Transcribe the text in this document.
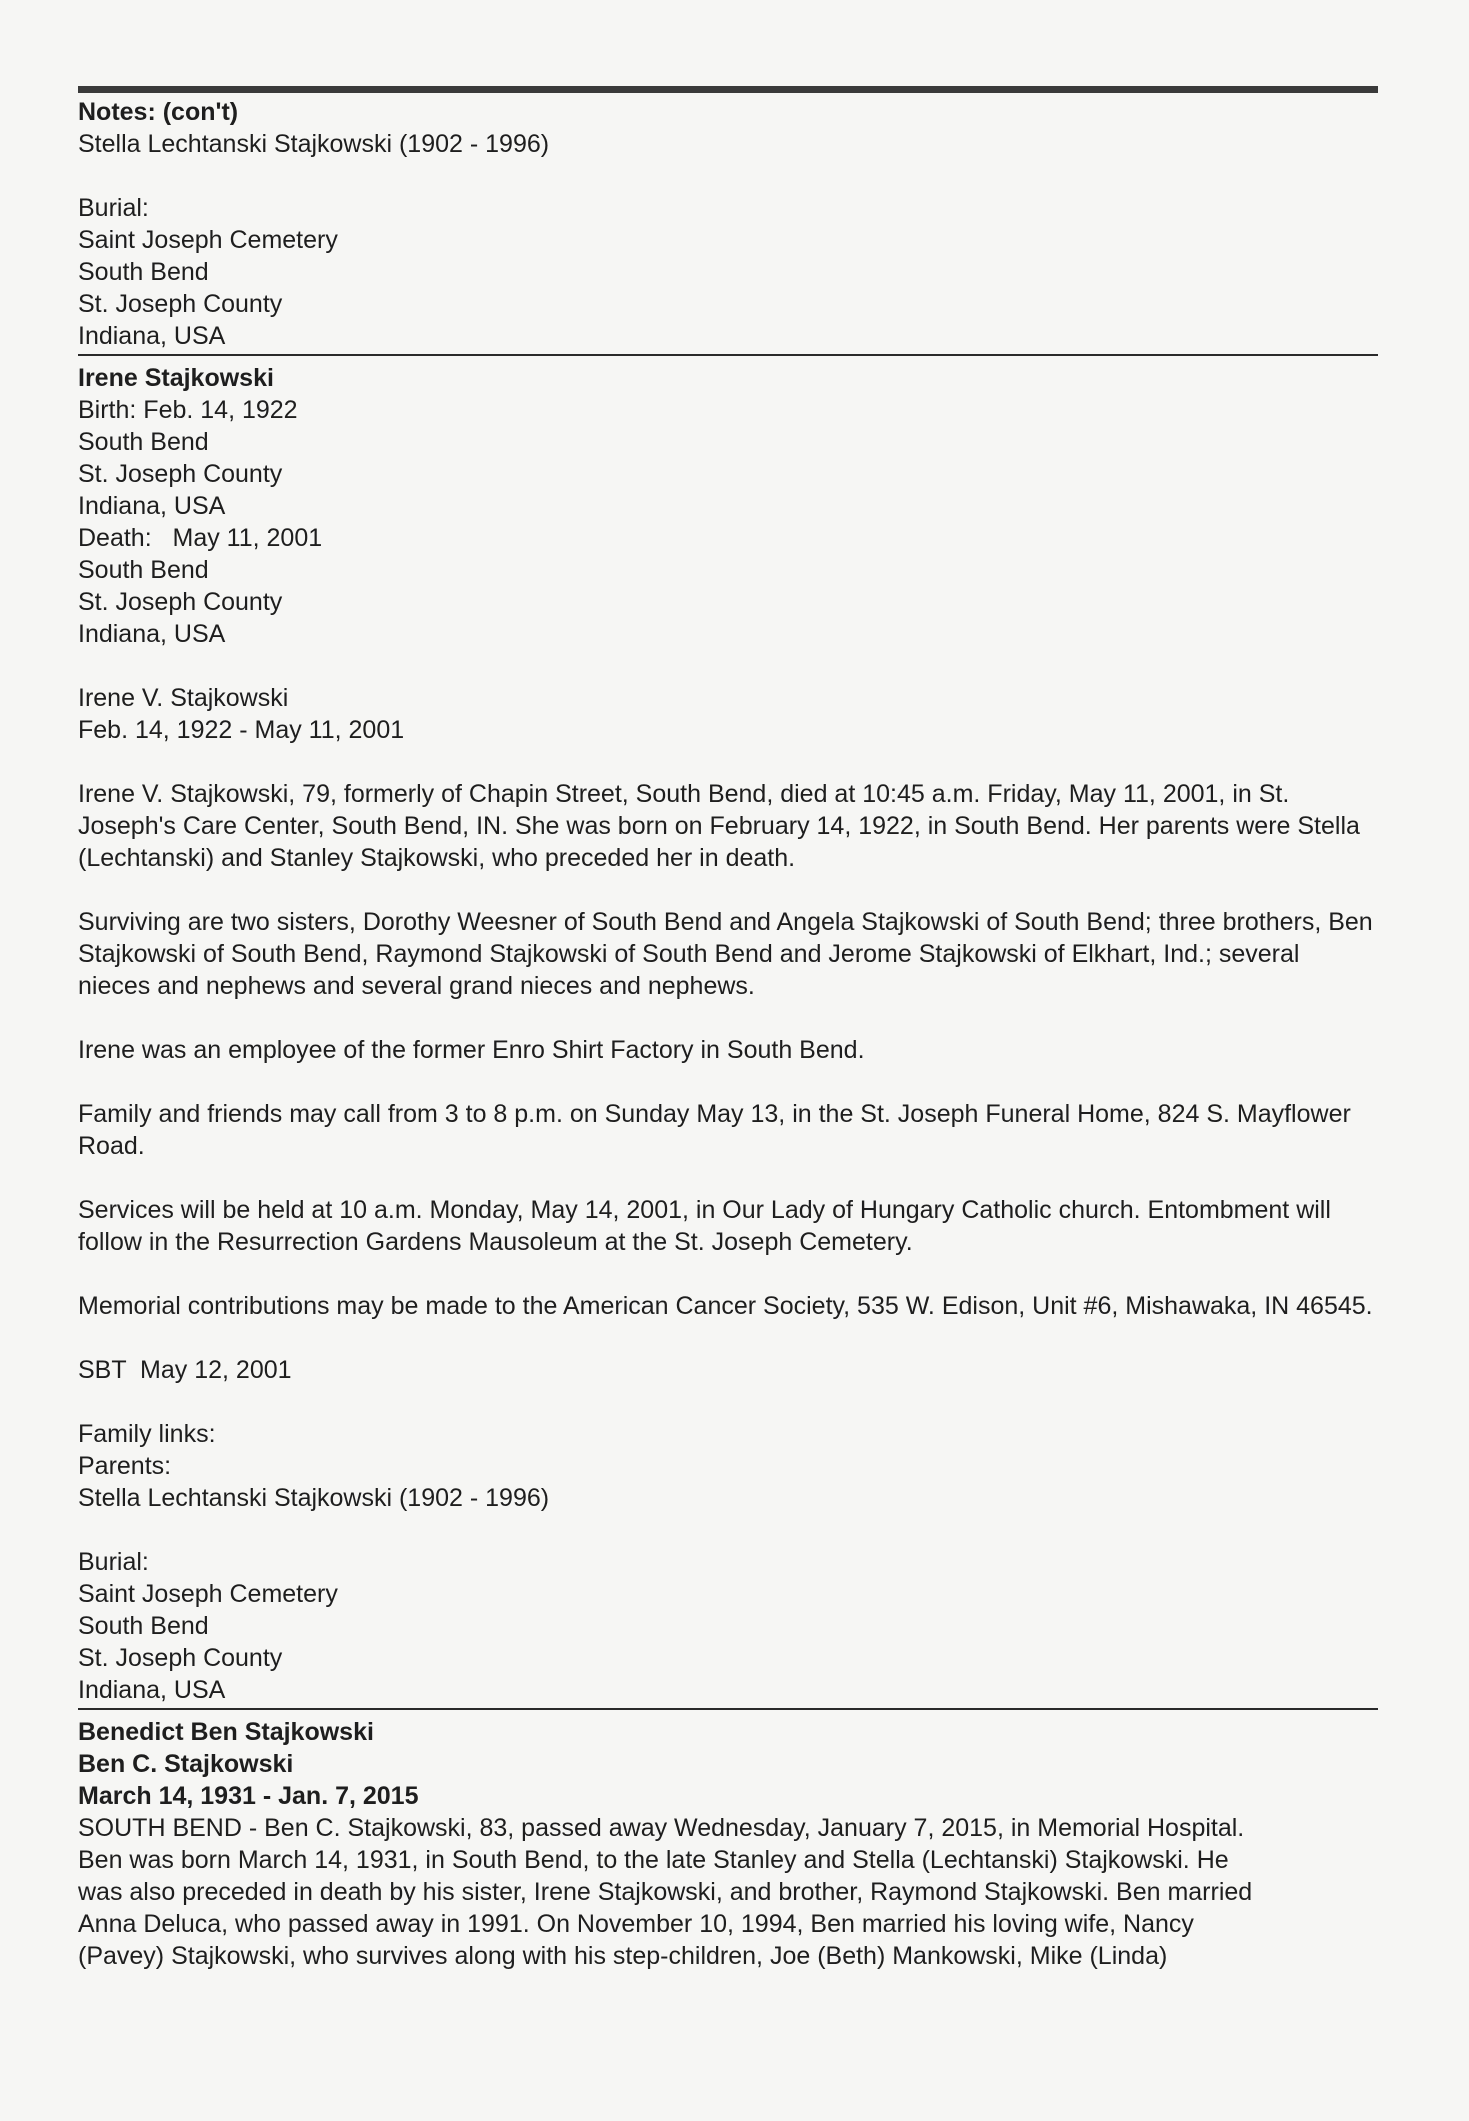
Notes: (con't)

Stella Lechtanski Stajkowski (1902 - 1996)

Burial:

Saint Joseph Cemetery

South Bend

St. Joseph County

Indiana, USA

Irene Stajkowski

Birth: Feb. 14, 1922

South Bend

St. Joseph County

Indiana, USA

Death:   May 11, 2001

South Bend

St. Joseph County

Indiana, USA

Irene V. Stajkowski

Feb. 14, 1922 - May 11, 2001

Irene V. Stajkowski, 79, formerly of Chapin Street, South Bend, died at 10:45 a.m. Friday, May 11, 2001, in St. Joseph's Care Center, South Bend, IN. She was born on February 14, 1922, in South Bend. Her parents were Stella (Lechtanski) and Stanley Stajkowski, who preceded her in death.

Surviving are two sisters, Dorothy Weesner of South Bend and Angela Stajkowski of South Bend; three brothers, Ben Stajkowski of South Bend, Raymond Stajkowski of South Bend and Jerome Stajkowski of Elkhart, Ind.; several nieces and nephews and several grand nieces and nephews.

Irene was an employee of the former Enro Shirt Factory in South Bend.

Family and friends may call from 3 to 8 p.m. on Sunday May 13, in the St. Joseph Funeral Home, 824 S. Mayflower Road.

Services will be held at 10 a.m. Monday, May 14, 2001, in Our Lady of Hungary Catholic church. Entombment will follow in the Resurrection Gardens Mausoleum at the St. Joseph Cemetery.

Memorial contributions may be made to the American Cancer Society, 535 W. Edison, Unit #6, Mishawaka, IN 46545.

SBT  May 12, 2001

Family links:

Parents:

Stella Lechtanski Stajkowski (1902 - 1996)

Burial:

Saint Joseph Cemetery

South Bend

St. Joseph County

Indiana, USA

Benedict Ben Stajkowski

Ben C. Stajkowski

March 14, 1931 - Jan. 7, 2015

SOUTH BEND - Ben C. Stajkowski, 83, passed away Wednesday, January 7, 2015, in Memorial Hospital.

Ben was born March 14, 1931, in South Bend, to the late Stanley and Stella (Lechtanski) Stajkowski. He

was also preceded in death by his sister, Irene Stajkowski, and brother, Raymond Stajkowski. Ben married

Anna Deluca, who passed away in 1991. On November 10, 1994, Ben married his loving wife, Nancy

(Pavey) Stajkowski, who survives along with his step-children, Joe (Beth) Mankowski, Mike (Linda)
